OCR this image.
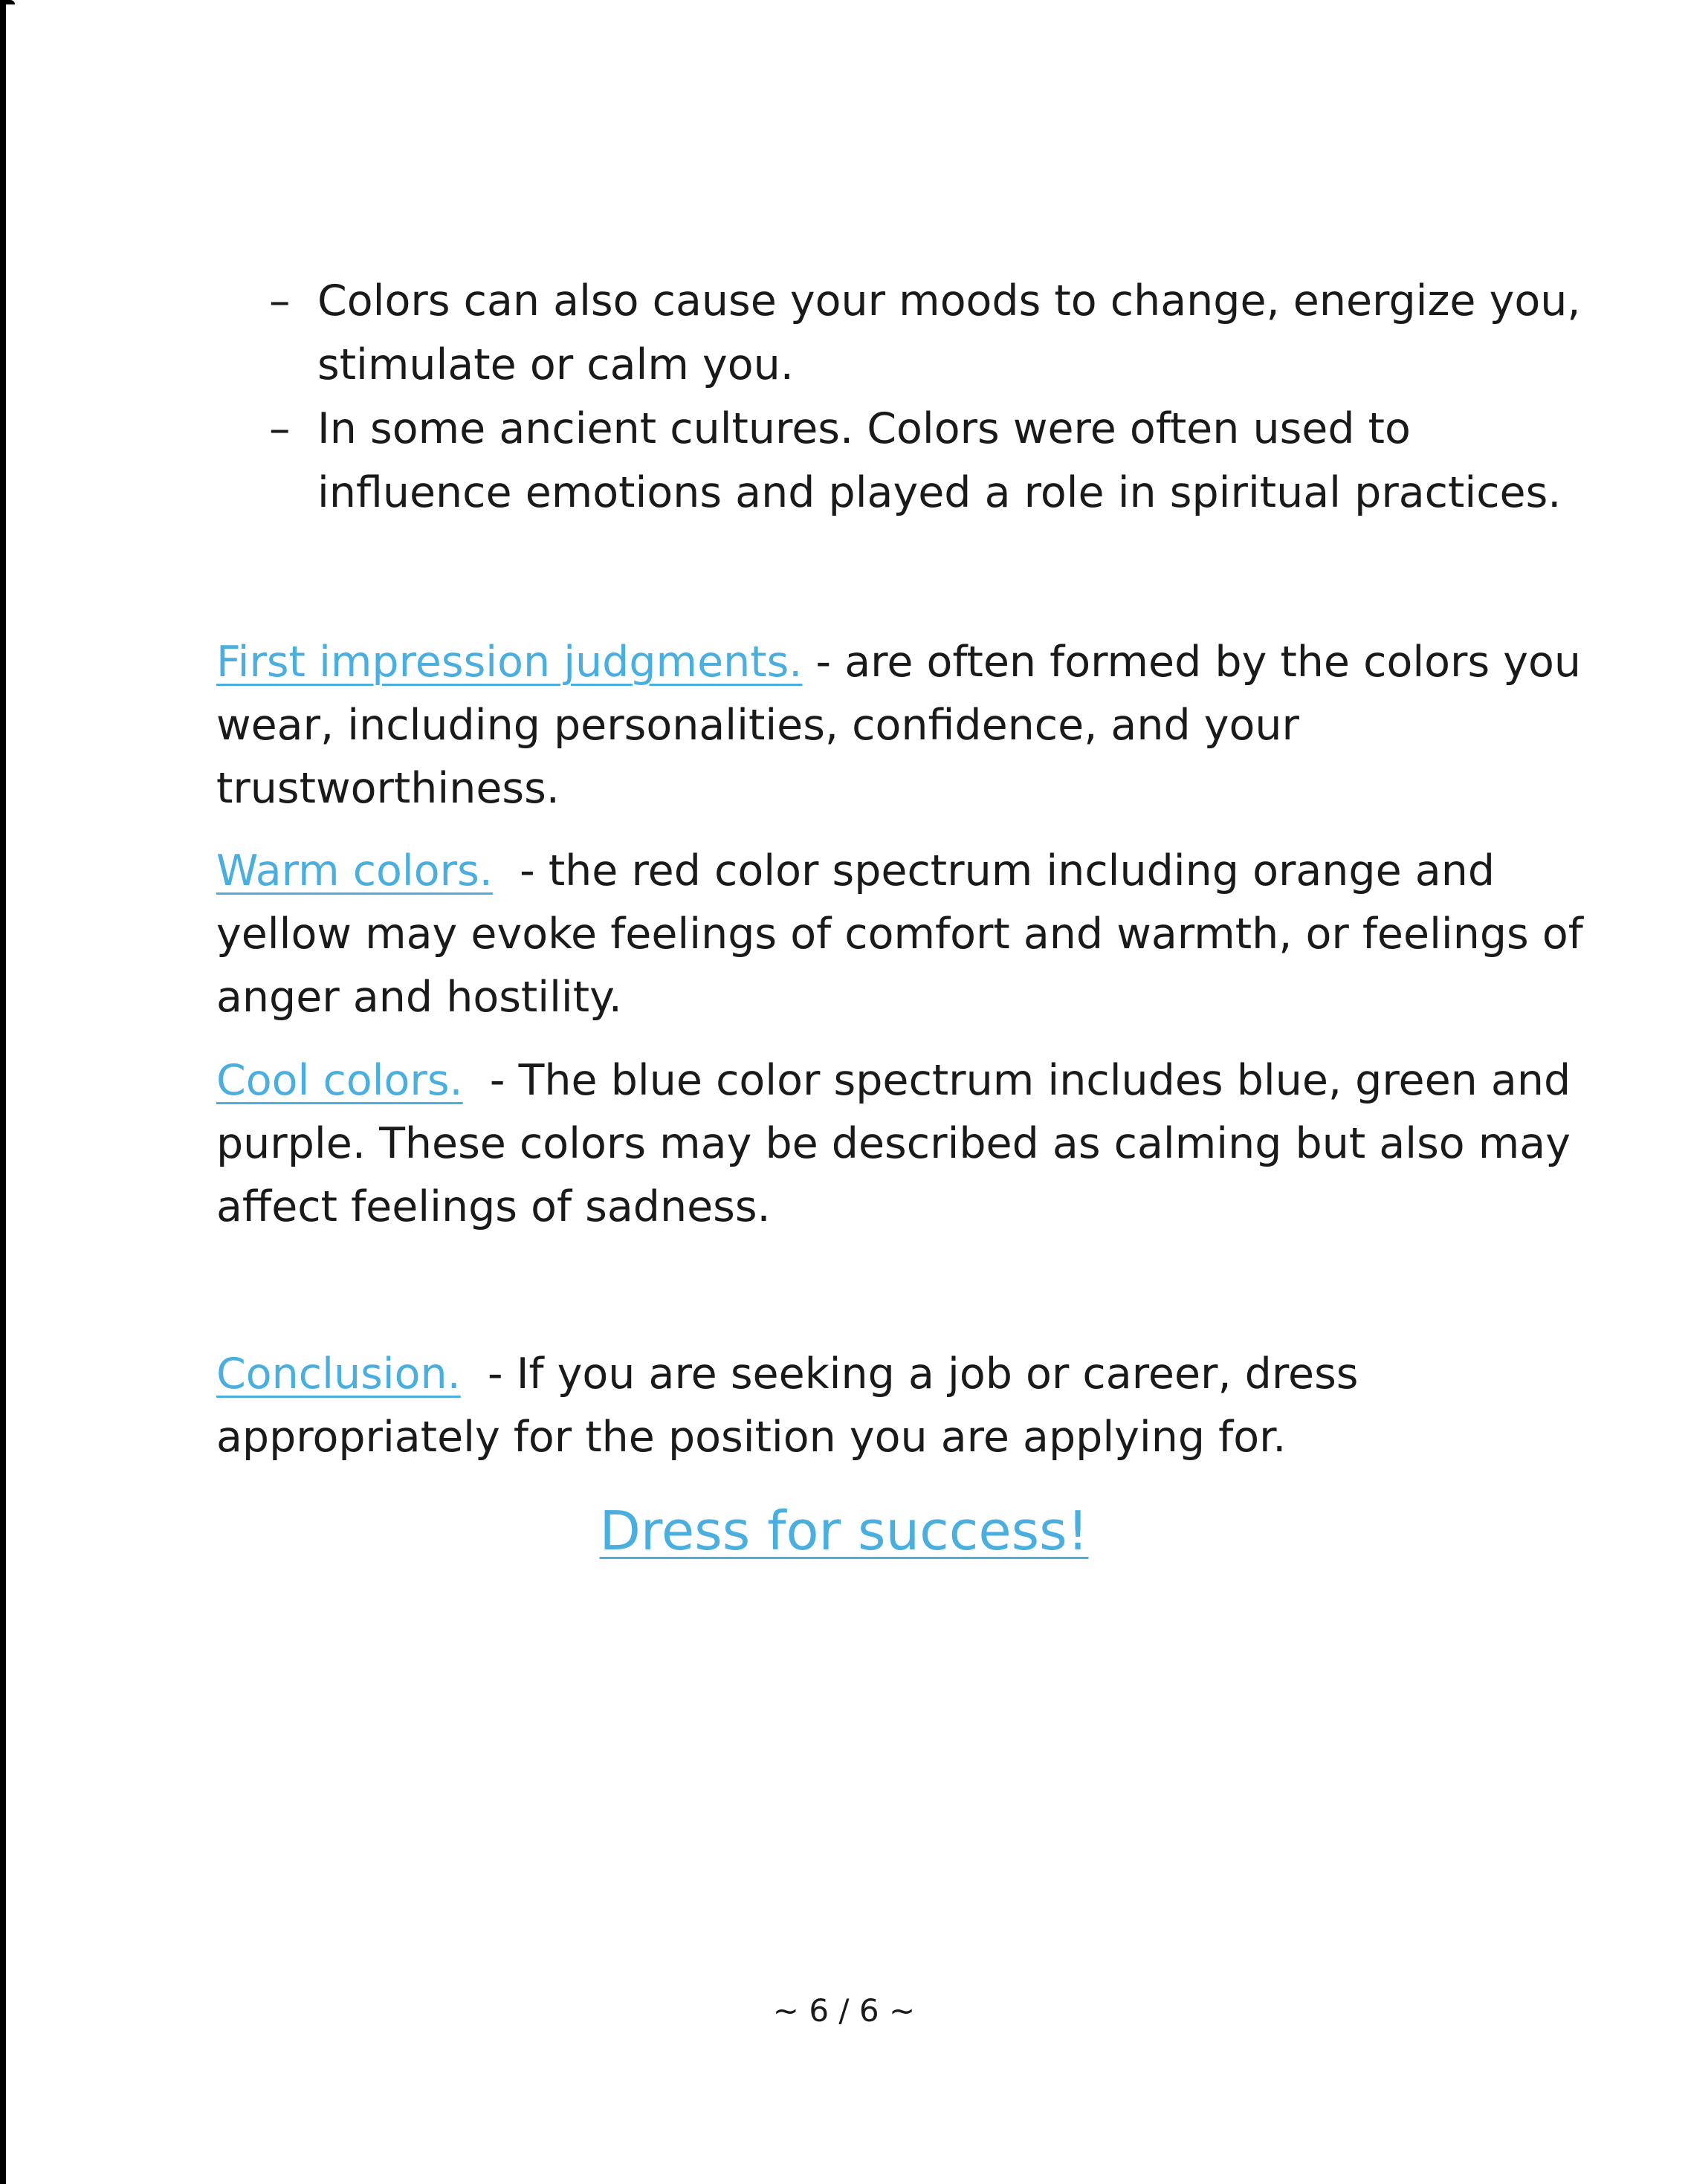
– Colors can also cause your moods to change, energize you, stimulate or calm you.

– In some ancient cultures. Colors were often used to influence emotions and played a role in spiritual practices.

First impression judgments. - are often formed by the colors you wear, including personalities, confidence, and your trustworthiness.

Warm colors.  - the red color spectrum including orange and yellow may evoke feelings of comfort and warmth, or feelings of anger and hostility.

Cool colors.  - The blue color spectrum includes blue, green and purple. These colors may be described as calming but also may affect feelings of sadness.

Conclusion.  - If you are seeking a job or career, dress appropriately for the position you are applying for.

Dress for success!
~ 6 / 6 ~
